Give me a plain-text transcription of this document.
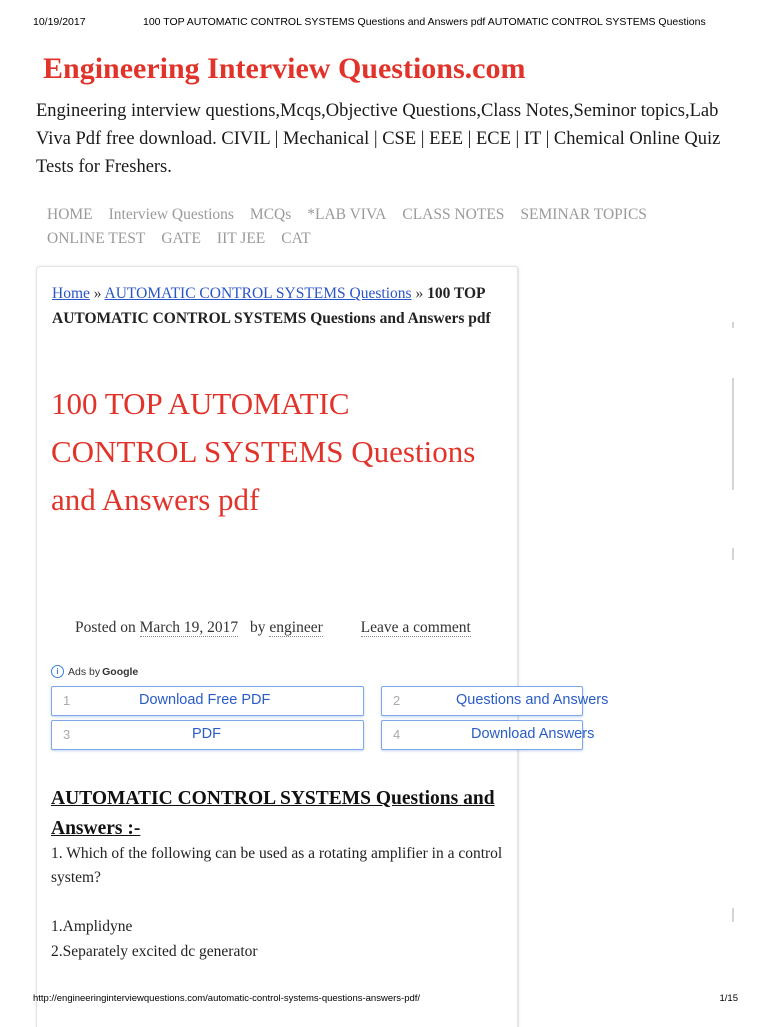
10/19/2017	100 TOP AUTOMATIC CONTROL SYSTEMS Questions and Answers pdf AUTOMATIC CONTROL SYSTEMS Questions
Engineering Interview Questions.com
Engineering interview questions,Mcqs,Objective Questions,Class Notes,Seminor topics,Lab Viva Pdf free download. CIVIL | Mechanical | CSE | EEE | ECE | IT | Chemical Online Quiz Tests for Freshers.
HOME Interview Questions MCQs *LAB VIVA CLASS NOTES SEMINAR TOPICS
ONLINE TEST GATE IIT JEE CAT
Home » AUTOMATIC CONTROL SYSTEMS Questions » 100 TOP AUTOMATIC CONTROL SYSTEMS Questions and Answers pdf
100 TOP AUTOMATIC CONTROL SYSTEMS Questions and Answers pdf
Posted on March 19, 2017 by engineer Leave a comment
i Ads by Google
1	Download Free PDF	2	Questions and Answers
3	PDF	4	Download Answers
AUTOMATIC CONTROL SYSTEMS Questions and Answers :-

1. Which of the following can be used as a rotating amplifier in a control system?

1.Amplidyne
2.Separately excited dc generator
http://engineeringinterviewquestions.com/automatic-control-systems-questions-answers-pdf/	1/15
